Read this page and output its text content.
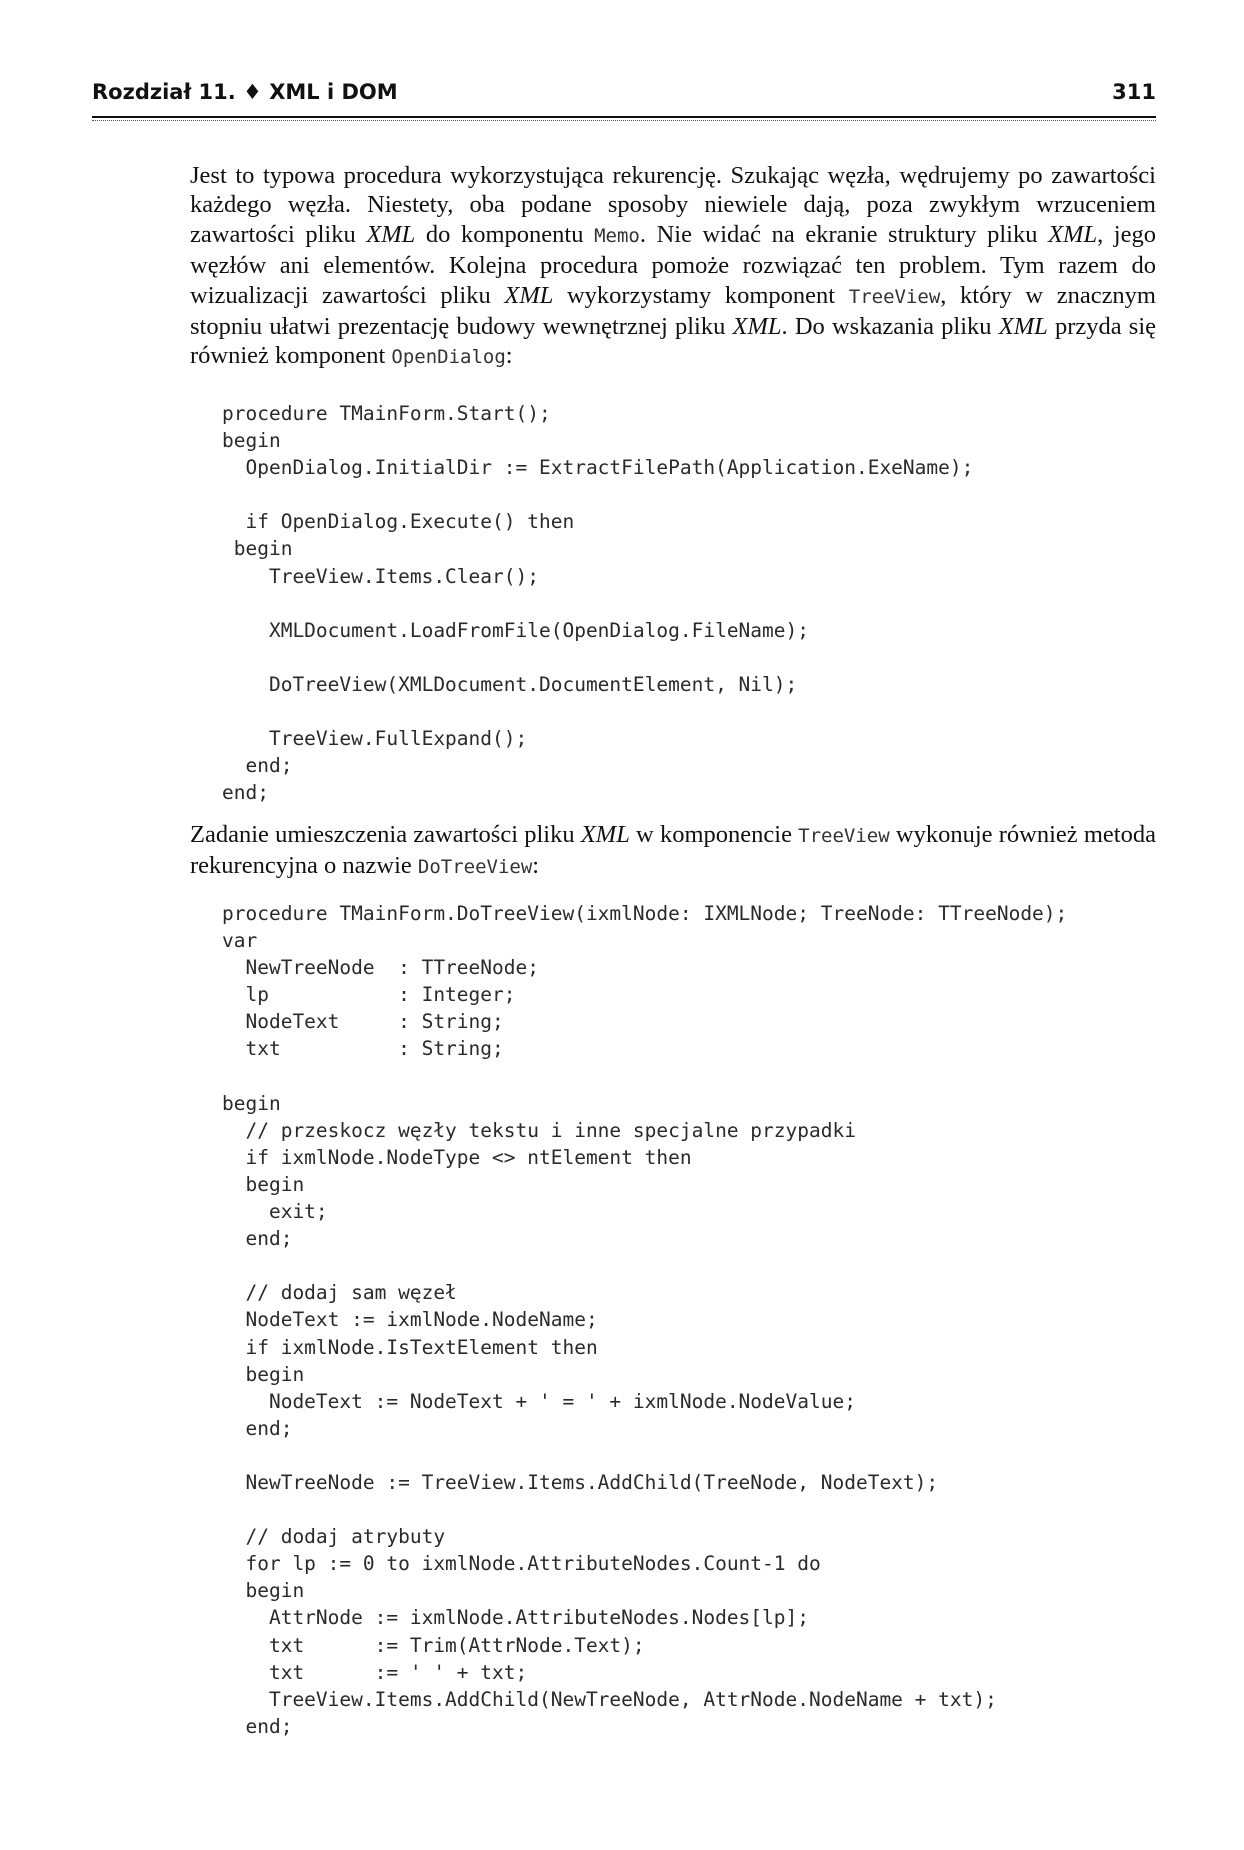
Rozdział 11. ♦ XML i DOM	311
Jest to typowa procedura wykorzystująca rekurencję. Szukając węzła, wędrujemy po zawartości każdego węzła. Niestety, oba podane sposoby niewiele dają, poza zwykłym wrzuceniem zawartości pliku XML do komponentu Memo. Nie widać na ekranie struktury pliku XML, jego węzłów ani elementów. Kolejna procedura pomoże rozwiązać ten problem. Tym razem do wizualizacji zawartości pliku XML wykorzystamy komponent TreeView, który w znacznym stopniu ułatwi prezentację budowy wewnętrznej pliku XML. Do wskazania pliku XML przyda się również komponent OpenDialog:
procedure TMainForm.Start();
begin
OpenDialog.InitialDir := ExtractFilePath(Application.ExeName);

if OpenDialog.Execute() then
begin
TreeView.Items.Clear();

XMLDocument.LoadFromFile(OpenDialog.FileName);

DoTreeView(XMLDocument.DocumentElement, Nil);

TreeView.FullExpand();
end;
end;
Zadanie umieszczenia zawartości pliku XML w komponencie TreeView wykonuje również metoda rekurencyjna o nazwie DoTreeView:
procedure TMainForm.DoTreeView(ixmlNode: IXMLNode; TreeNode: TTreeNode);
var
NewTreeNode  : TTreeNode;
lp           : Integer;
NodeText     : String;
txt          : String;

begin
// przeskocz węzły tekstu i inne specjalne przypadki
if ixmlNode.NodeType <> ntElement then
begin
exit;
end;

// dodaj sam węzeł
NodeText := ixmlNode.NodeName;
if ixmlNode.IsTextElement then
begin
NodeText := NodeText + ' = ' + ixmlNode.NodeValue;
end;

NewTreeNode := TreeView.Items.AddChild(TreeNode, NodeText);

// dodaj atrybuty
for lp := 0 to ixmlNode.AttributeNodes.Count-1 do
begin
AttrNode := ixmlNode.AttributeNodes.Nodes[lp];
txt      := Trim(AttrNode.Text);
txt      := ' ' + txt;
TreeView.Items.AddChild(NewTreeNode, AttrNode.NodeName + txt);
end;
